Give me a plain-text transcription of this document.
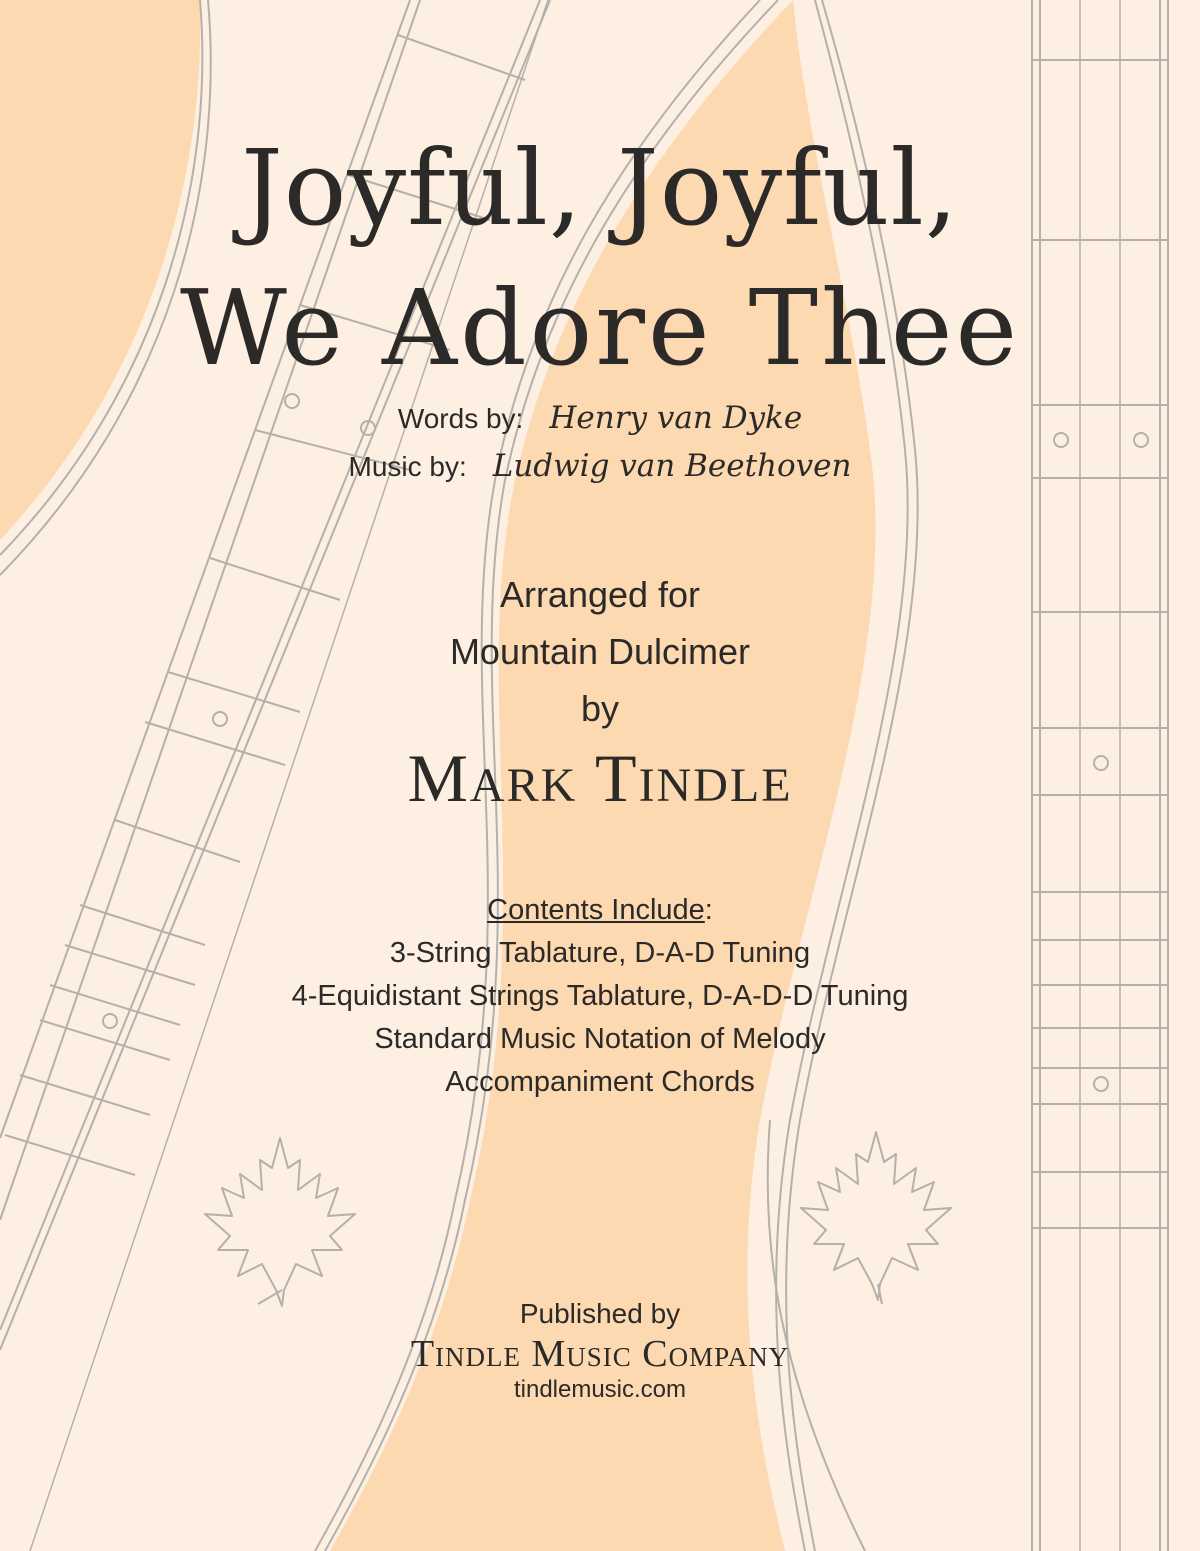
Joyful, Joyful,
We Adore Thee
Words by: Henry van Dyke
Music by: Ludwig van Beethoven
Arranged for
Mountain Dulcimer
by
Mark Tindle
Contents Include:
3-String Tablature, D-A-D Tuning
4-Equidistant Strings Tablature, D-A-D-D Tuning
Standard Music Notation of Melody
Accompaniment Chords
Published by
Tindle Music Company
tindlemusic.com
